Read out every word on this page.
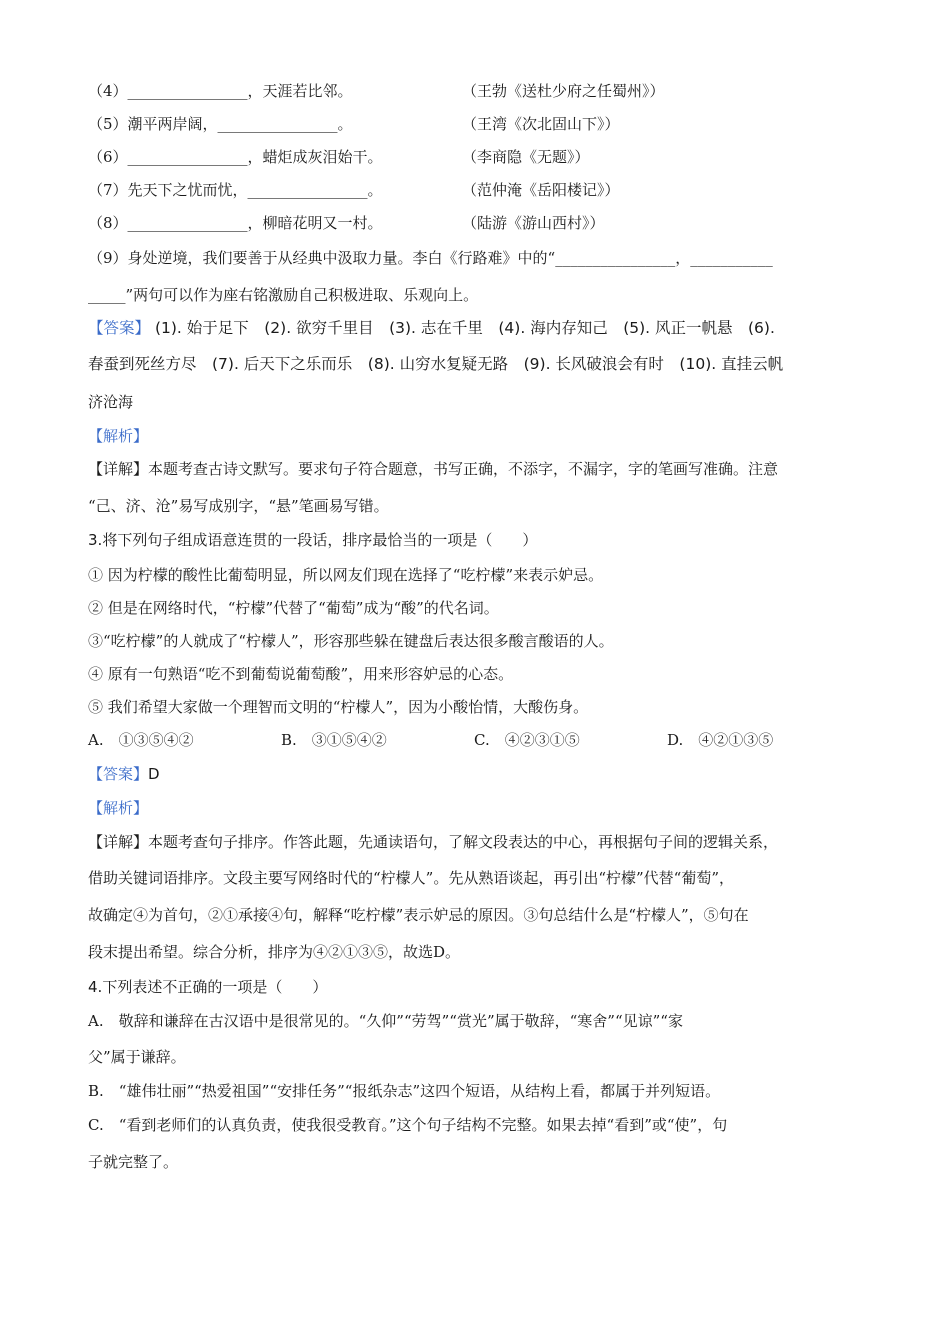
（4）________________，天涯若比邻。	（王勃《送杜少府之任蜀州》）
（5）潮平两岸阔，________________。	（王湾《次北固山下》）
（6）________________，蜡炬成灰泪始干。	（李商隐《无题》）
（7）先天下之忧而忧，________________。	（范仲淹《岳阳楼记》）
（8）________________，柳暗花明又一村。	（陆游《游山西村》）
（9）身处逆境，我们要善于从经典中汲取力量。李白《行路难》中的“________________，___________
_____”两句可以作为座右铭激励自己积极进取、乐观向上。
【答案】 (1). 始于足下　(2). 欲穷千里目　(3). 志在千里　(4). 海内存知己　(5). 风正一帆悬　(6).
春蚕到死丝方尽　(7). 后天下之乐而乐　(8). 山穷水复疑无路　(9). 长风破浪会有时　(10). 直挂云帆
济沧海
【解析】
【详解】本题考查古诗文默写。要求句子符合题意，书写正确，不添字，不漏字，字的笔画写准确。注意
“己、济、沧”易写成别字，“悬”笔画易写错。
3.将下列句子组成语意连贯的一段话，排序最恰当的一项是（　　）
① 因为柠檬的酸性比葡萄明显，所以网友们现在选择了“吃柠檬”来表示妒忌。
② 但是在网络时代，“柠檬”代替了“葡萄”成为“酸”的代名词。
③“吃柠檬”的人就成了“柠檬人”，形容那些躲在键盘后表达很多酸言酸语的人。
④ 原有一句熟语“吃不到葡萄说葡萄酸”，用来形容妒忌的心态。
⑤ 我们希望大家做一个理智而文明的“柠檬人”，因为小酸怡情，大酸伤身。
A.　①③⑤④②	B.　③①⑤④②	C.　④②③①⑤	D.　④②①③⑤
【答案】D
【解析】
【详解】本题考查句子排序。作答此题，先通读语句，了解文段表达的中心，再根据句子间的逻辑关系，
借助关键词语排序。文段主要写网络时代的“柠檬人”。先从熟语谈起，再引出“柠檬”代替“葡萄”，
故确定④为首句，②①承接④句，解释“吃柠檬”表示妒忌的原因。③句总结什么是“柠檬人”，⑤句在
段末提出希望。综合分析，排序为④②①③⑤，故选D。
4.下列表述不正确的一项是（　　）
A.　敬辞和谦辞在古汉语中是很常见的。“久仰”“劳驾”“赏光”属于敬辞，“寒舍”“见谅”“家
父”属于谦辞。
B.　“雄伟壮丽”“热爱祖国”“安排任务”“报纸杂志”这四个短语，从结构上看，都属于并列短语。
C.　“看到老师们的认真负责，使我很受教育。”这个句子结构不完整。如果去掉“看到”或“使”，句
子就完整了。
